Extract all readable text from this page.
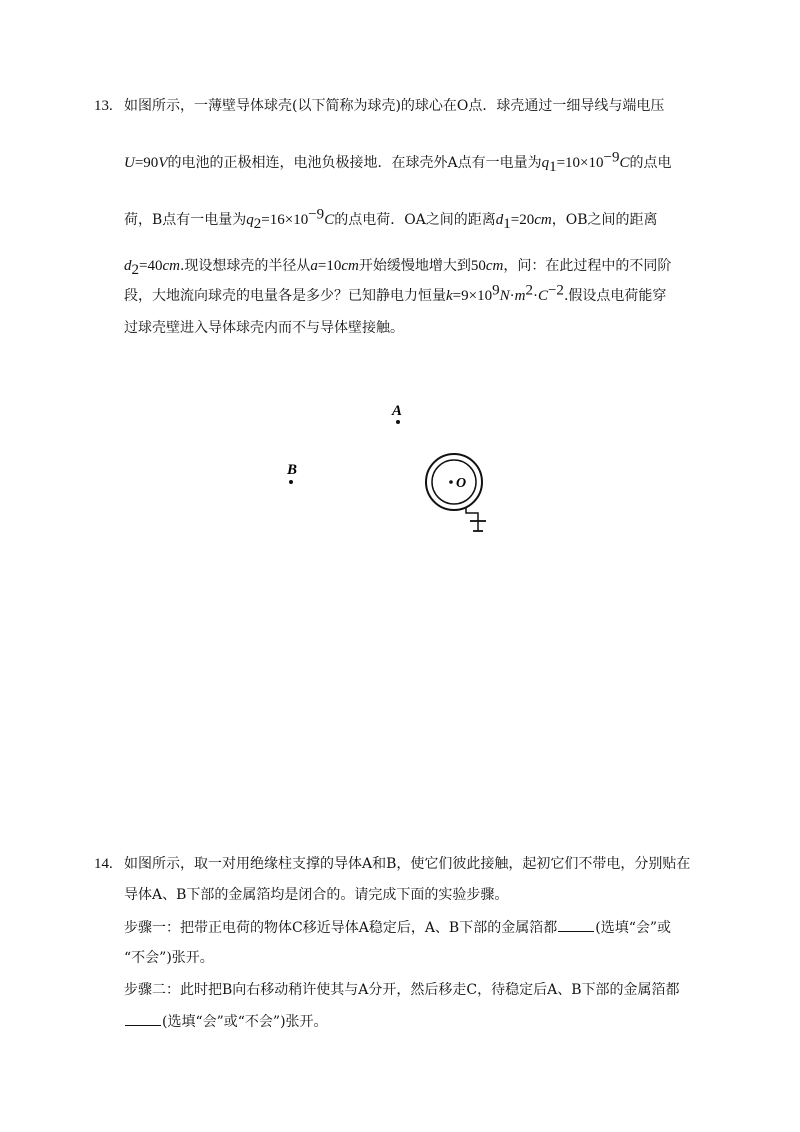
13. 如图所示，一薄壁导体球壳(以下简称为球壳)的球心在O点．球壳通过一细导线与端电压
U=90V的电池的正极相连，电池负极接地．在球壳外A点有一电量为$q_1=10\times 10^{-9}C$的点电
荷，B点有一电量为$q_2=16\times 10^{-9}C$的点电荷．OA之间的距离$d_1=20cm$，OB之间的距离
$d_2=40cm$.现设想球壳的半径从a=10cm开始缓慢地增大到50cm，问：在此过程中的不同阶
段，大地流向球壳的电量各是多少？已知静电力恒量$k=9\times 10^9N\cdot m^2\cdot C^{-2}$.假设点电荷能穿
过球壳壁进入导体球壳内而不与导体壁接触。
A
B
O
14. 如图所示，取一对用绝缘柱支撑的导体A和B，使它们彼此接触，起初它们不带电，分别贴在
导体A、B下部的金属箔均是闭合的。请完成下面的实验步骤。
步骤一：把带正电荷的物体C移近导体A稳定后，A、B下部的金属箔都	(选填“会”或
“不会”)张开。
步骤二：此时把B向右移动稍许使其与A分开，然后移走C，待稳定后A、B下部的金属箔都
(选填“会”或“不会”)张开。
